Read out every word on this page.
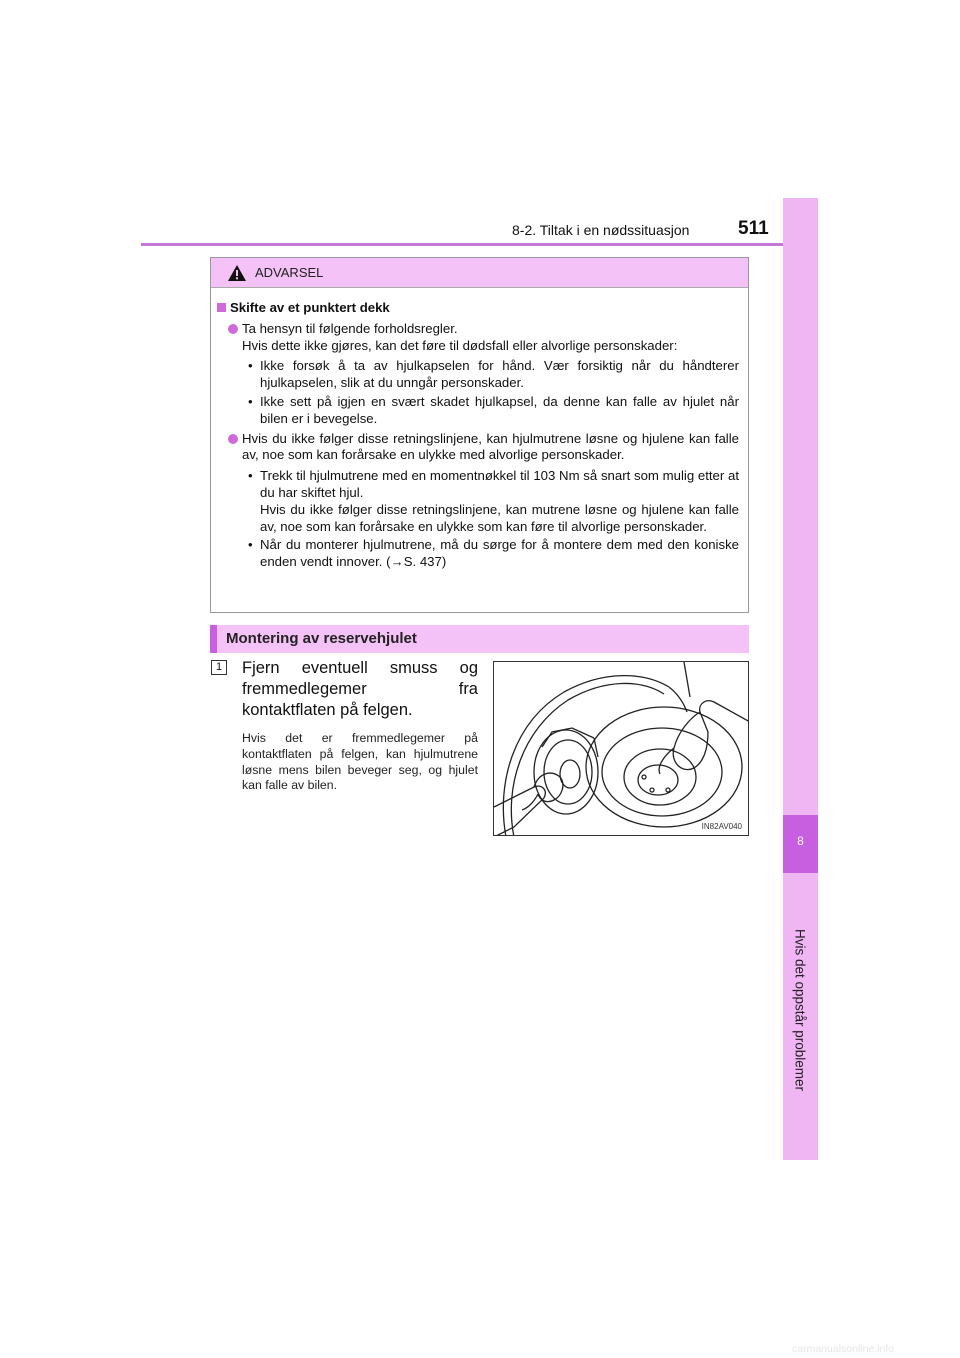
8-2. Tiltak i en nødssituasjon	511
8
Hvis det oppstår problemer
ADVARSEL
Skifte av et punktert dekk
Ta hensyn til følgende forholdsregler.
Hvis dette ikke gjøres, kan det føre til dødsfall eller alvorlige personskader:
• Ikke forsøk å ta av hjulkapselen for hånd. Vær forsiktig når du håndterer hjulkapselen, slik at du unngår personskader.
• Ikke sett på igjen en svært skadet hjulkapsel, da denne kan falle av hjulet når bilen er i bevegelse.
Hvis du ikke følger disse retningslinjene, kan hjulmutrene løsne og hjulene kan falle av, noe som kan forårsake en ulykke med alvorlige personskader.
• Trekk til hjulmutrene med en momentnøkkel til 103 Nm så snart som mulig etter at du har skiftet hjul.
Hvis du ikke følger disse retningslinjene, kan mutrene løsne og hjulene kan falle av, noe som kan forårsake en ulykke som kan føre til alvorlige personskader.
• Når du monterer hjulmutrene, må du sørge for å montere dem med den koniske enden vendt innover. (→S. 437)
Montering av reservehjulet
1 Fjern eventuell smuss og fremmedlegemer fra kontaktflaten på felgen.
Hvis det er fremmedlegemer på kontaktflaten på felgen, kan hjulmutrene løsne mens bilen beveger seg, og hjulet kan falle av bilen.
IN82AV040
carmanualsonline.info
